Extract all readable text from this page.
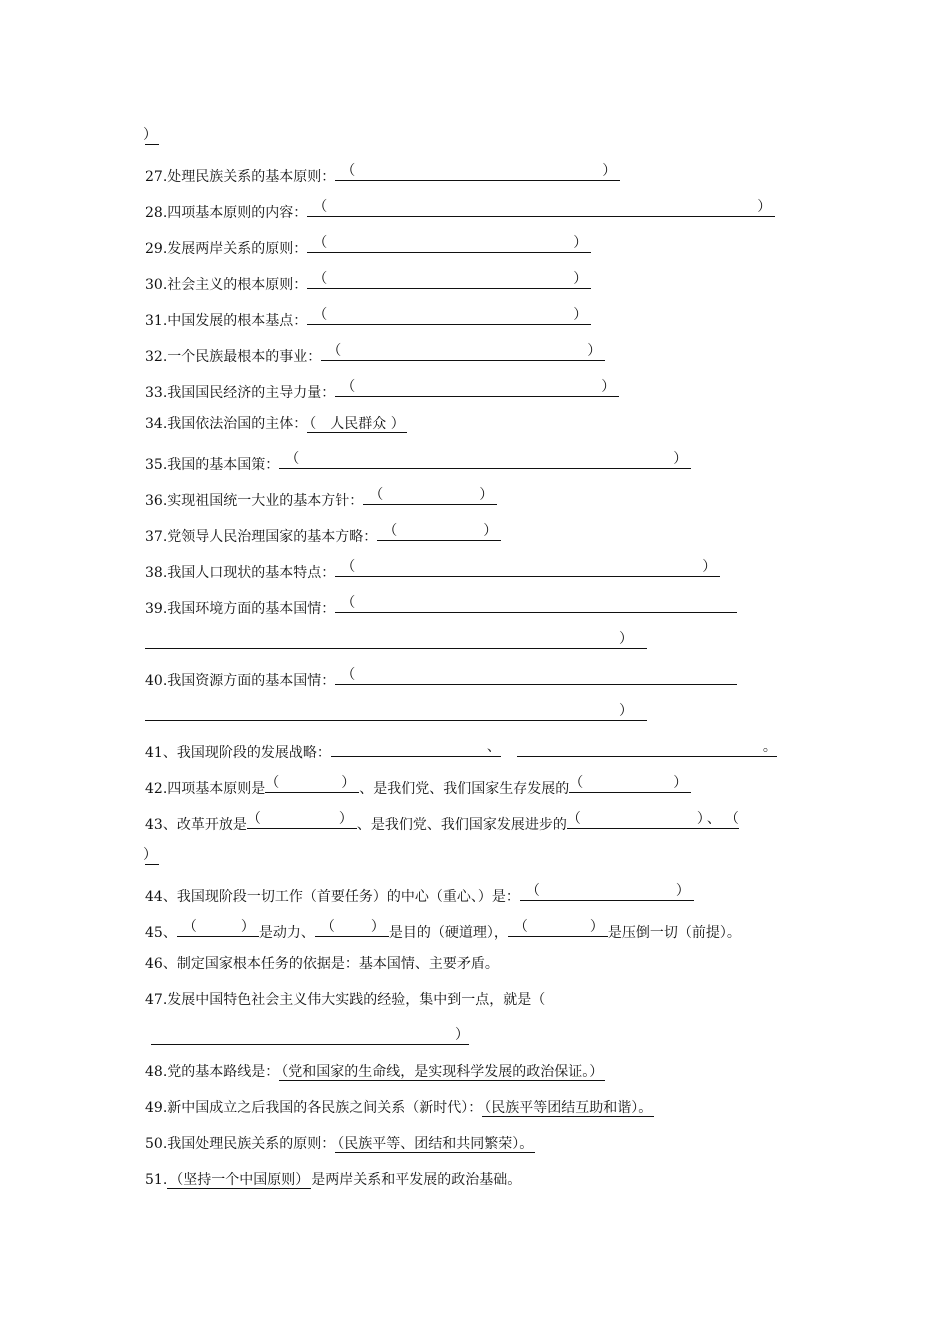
）
27.处理民族关系的基本原则： （	）
28.四项基本原则的内容： （	）
29.发展两岸关系的原则： （	）
30.社会主义的根本原则： （	）
31.中国发展的根本基点： （	）
32.一个民族最根本的事业： （	）
33.我国国民经济的主导力量： （	）
34.我国依法治国的主体： （　人民群众 ）
35.我国的基本国策： （	）
36.实现祖国统一大业的基本方针： （	）
37.党领导人民治理国家的基本方略： （	）
38.我国人口现状的基本特点： （	）
39.我国环境方面的基本国情： （
）
40.我国资源方面的基本国情： （
）
41、我国现阶段的发展战略：	、	。
42.四项基本原则是 （	） 、是我们党、我们国家生存发展的 （	）
43、改革开放是 （	） 、是我们党、我们国家发展进步的 （	）
、 （
）
44、我国现阶段一切工作（首要任务）的中心（重心、）是： （	）
45、 （	） 是动力、 （	） 是目的（硬道理）， （	） 是压倒一切（前提）。
46、制定国家根本任务的依据是：基本国情、主要矛盾。
47.发展中国特色社会主义伟大实践的经验，集中到一点，就是（
）
48.党的基本路线是： （党和国家的生命线，是实现科学发展的政治保证。）
49.新中国成立之后我国的各民族之间关系（新时代）： （民族平等团结互助和谐）。
50.我国处理民族关系的原则： （民族平等、团结和共同繁荣）。
51. （坚持一个中国原则） 是两岸关系和平发展的政治基础。
